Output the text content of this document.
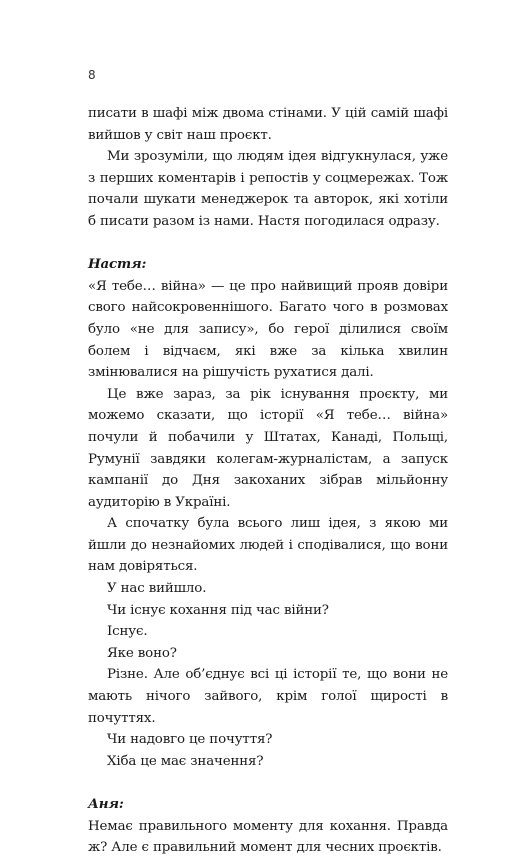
8

писати в шафі між двома стінами. У цій самій шафі вийшов у світ наш проєкт.

Ми зрозуміли, що людям ідея відгукнулася, уже з перших коментарів і репостів у соцмережах. Тож почали шукати менеджерок та авторок, які хотіли б писати разом із нами. Настя погодилася одразу.

Настя:

«Я тебе… війна» — це про найвищий прояв довіри свого найсокровеннішого. Багато чого в розмовах було «не для запису», бо герої ділилися своїм болем і відчаєм, які вже за кілька хвилин змінювалися на рішучість рухатися далі.

Це вже зараз, за рік існування проєкту, ми можемо сказати, що історії «Я тебе… війна» почули й побачили у Штатах, Канаді, Польщі, Румунії завдяки колегам-журналістам, а запуск кампанії до Дня закоханих зібрав мільйонну аудиторію в Україні.

А спочатку була всього лиш ідея, з якою ми йшли до незнайомих людей і сподівалися, що вони нам довіряться.

У нас вийшло.

Чи існує кохання під час війни?

Існує.

Яке воно?

Різне. Але об’єднує всі ці історії те, що вони не мають нічого зайвого, крім голої щирості в почуттях.

Чи надовго це почуття?

Хіба це має значення?

Аня:

Немає правильного моменту для кохання. Правда ж? Але є правильний момент для чесних проєктів.
